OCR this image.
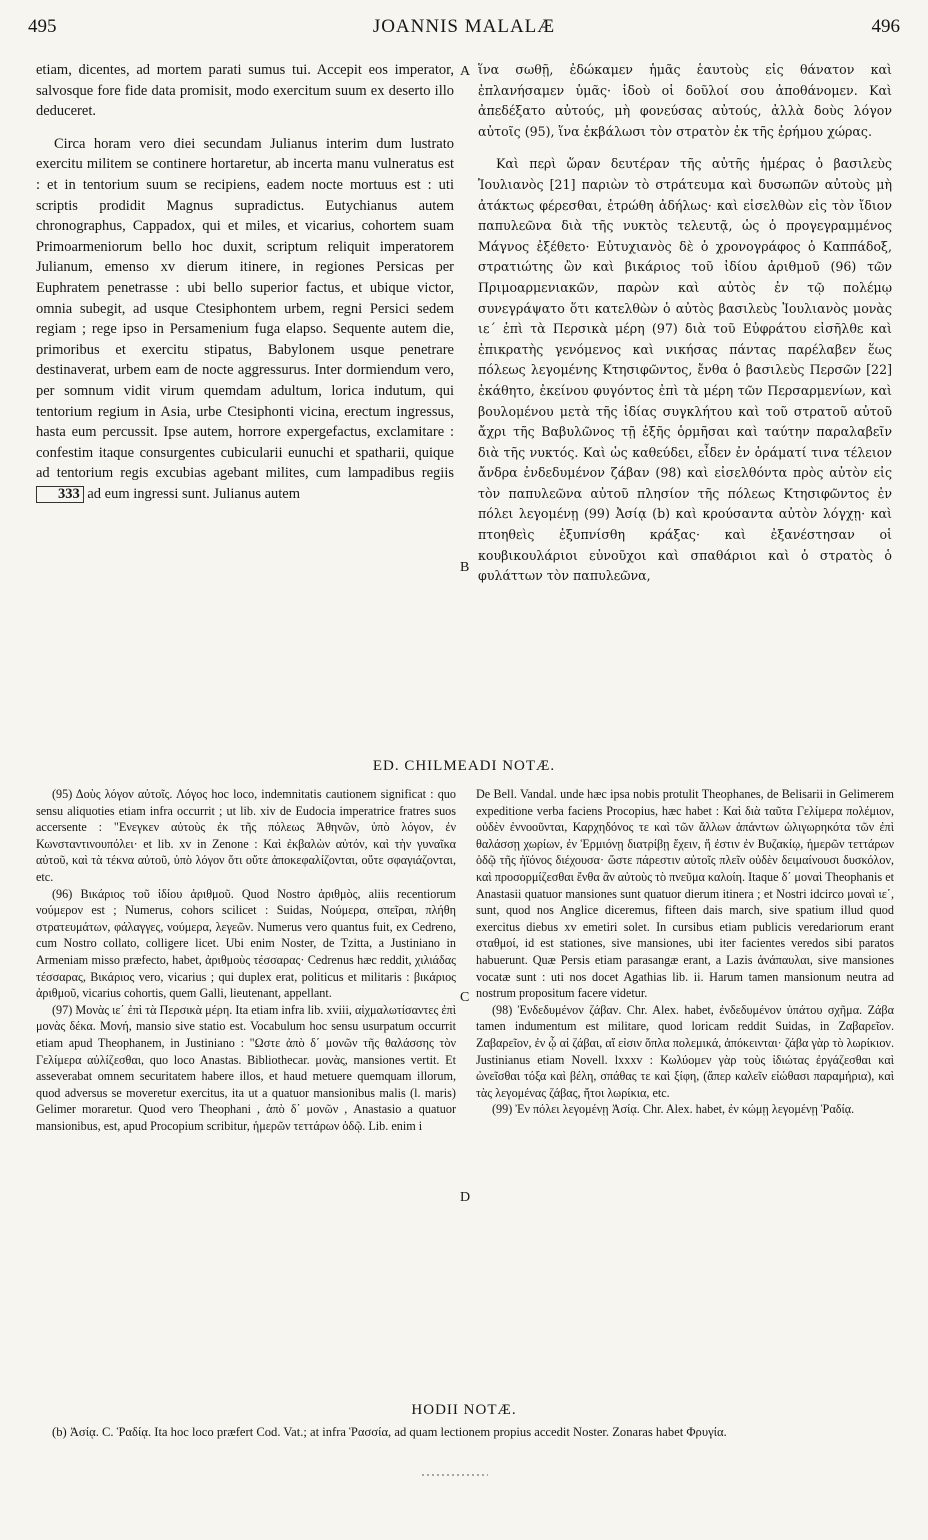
495	JOANNIS MALALÆ	496
A
B
C
D

etiam, dicentes, ad mortem parati sumus tui. Accepit eos imperator, salvosque fore fide data promisit, modo exercitum suum ex deserto illo deduceret.

Circa horam vero diei secundam Julianus interim dum lustrato exercitu militem se continere hortaretur, ab incerta manu vulneratus est : et in tentorium suum se recipiens, eadem nocte mortuus est : uti scriptis prodidit Magnus supradictus. Eutychianus autem chronographus, Cappadox, qui et miles, et vicarius, cohortem suam Primoarmeniorum bello hoc duxit, scriptum reliquit imperatorem Julianum, emenso xv dierum itinere, in regiones Persicas per Euphratem penetrasse : ubi bello superior factus, et ubique victor, omnia subegit, ad usque Ctesiphontem urbem, regni Persici sedem regiam ; rege ipso in Persamenium fuga elapso. Sequente autem die, primoribus et exercitu stipatus, Babylonem usque penetrare destinaverat, urbem eam de nocte aggressurus. Inter dormiendum vero, per somnum vidit virum quemdam adultum, lorica indutum, qui tentorium regium in Asia, urbe Ctesiphonti vicina, erectum ingressus, hasta eum percussit. Ipse autem, horrore expergefactus, exclamitare : confestim itaque consurgentes cubicularii eunuchi et spatharii, quique ad tentorium regis excubias agebant milites, cum lampadibus regiis 333 ad eum ingressi sunt. Julianus autem

ἵνα σωθῇ, ἐδώκαμεν ἡμᾶς ἑαυτοὺς εἰς θάνατον καὶ ἐπλανήσαμεν ὑμᾶς· ἰδοὺ οἱ δοῦλοί σου ἀποθάνομεν. Καὶ ἀπεδέξατο αὐτούς, μὴ φονεύσας αὐτούς, ἀλλὰ δοὺς λόγον αὐτοῖς (95), ἵνα ἐκβάλωσι τὸν στρατὸν ἐκ τῆς ἐρήμου χώρας.

Καὶ περὶ ὥραν δευτέραν τῆς αὐτῆς ἡμέρας ὁ βασιλεὺς Ἰουλιανὸς [21] παριὼν τὸ στράτευμα καὶ δυσωπῶν αὐτοὺς μὴ ἀτάκτως φέρεσθαι, ἐτρώθη ἀδήλως· καὶ εἰσελθὼν εἰς τὸν ἴδιον παπυλεῶνα διὰ τῆς νυκτὸς τελευτᾷ, ὡς ὁ προγεγραμμένος Μάγνος ἐξέθετο· Εὐτυχιανὸς δὲ ὁ χρονογράφος ὁ Καππάδοξ, στρατιώτης ὢν καὶ βικάριος τοῦ ἰδίου ἀριθμοῦ (96) τῶν Πριμοαρμενιακῶν, παρὼν καὶ αὐτὸς ἐν τῷ πολέμῳ συνεγράψατο ὅτι κατελθὼν ὁ αὐτὸς βασιλεὺς Ἰουλιανὸς μονὰς ιε΄ ἐπὶ τὰ Περσικὰ μέρη (97) διὰ τοῦ Εὐφράτου εἰσῆλθε καὶ ἐπικρατὴς γενόμενος καὶ νικήσας πάντας παρέλαβεν ἕως πόλεως λεγομένης Κτησιφῶντος, ἔνθα ὁ βασιλεὺς Περσῶν [22] ἐκάθητο, ἐκείνου φυγόντος ἐπὶ τὰ μέρη τῶν Περσαρμενίων, καὶ βουλομένου μετὰ τῆς ἰδίας συγκλήτου καὶ τοῦ στρατοῦ αὐτοῦ ἄχρι τῆς Βαβυλῶνος τῇ ἑξῆς ὁρμῆσαι καὶ ταύτην παραλαβεῖν διὰ τῆς νυκτός. Καὶ ὡς καθεύδει, εἶδεν ἐν ὁράματί τινα τέλειον ἄνδρα ἐνδεδυμένον ζάβαν (98) καὶ εἰσελθόντα πρὸς αὐτὸν εἰς τὸν παπυλεῶνα αὐτοῦ πλησίον τῆς πόλεως Κτησιφῶντος ἐν πόλει λεγομένῃ (99) Ἀσίᾳ (b) καὶ κρούσαντα αὐτὸν λόγχῃ· καὶ πτοηθεὶς ἐξυπνίσθη κράξας· καὶ ἐξανέστησαν οἱ κουβικουλάριοι εὐνοῦχοι καὶ σπαθάριοι καὶ ὁ στρατὸς ὁ φυλάττων τὸν παπυλεῶνα,

ED. CHILMEADI NOTÆ.

(95) Δοὺς λόγον αὐτοῖς. Λόγος hoc loco, indemnitatis cautionem significat : quo sensu aliquoties etiam infra occurrit ; ut lib. xiv de Eudocia imperatrice fratres suos accersente : "Ενεγκεν αὐτοὺς ἐκ τῆς πόλεως Ἀθηνῶν, ὑπὸ λόγον, ἐν Κωνσταντινουπόλει· et lib. xv in Zenone : Καὶ ἐκβαλὼν αὐτόν, καὶ τὴν γυναῖκα αὐτοῦ, καὶ τὰ τέκνα αὐτοῦ, ὑπὸ λόγον ὅτι οὔτε ἀποκεφαλίζονται, οὔτε σφαγιάζονται, etc.

(96) Βικάριος τοῦ ἰδίου ἀριθμοῦ. Quod Nostro ἀριθμὸς, aliis recentiorum νούμερον est ; Numerus, cohors scilicet : Suidas, Νούμερα, σπεῖραι, πλήθη στρατευμάτων, φάλαγγες, νούμερα, λεγεῶν. Numerus vero quantus fuit, ex Cedreno, cum Nostro collato, colligere licet. Ubi enim Noster, de Tzitta, a Justiniano in Armeniam misso præfecto, habet, ἀριθμοὺς τέσσαρας· Cedrenus hæc reddit, χιλιάδας τέσσαρας, Βικάριος vero, vicarius ; qui duplex erat, politicus et militaris : βικάριος ἀριθμοῦ, vicarius cohortis, quem Galli, lieutenant, appellant.

(97) Μονὰς ιε΄ ἐπὶ τὰ Περσικὰ μέρη. Ita etiam infra lib. xviii, αἰχμαλωτίσαντες ἐπὶ μονὰς δέκα. Μονή, mansio sive statio est. Vocabulum hoc sensu usurpatum occurrit etiam apud Theophanem, in Justiniano : "Ωστε ἀπὸ δ΄ μονῶν τῆς θαλάσσης τὸν Γελίμερα αὐλίζεσθαι, quo loco Anastas. Bibliothecar. μονὰς, mansiones vertit. Et asseverabat omnem securitatem habere illos, et haud metuere quemquam illorum, quod adversus se moveretur exercitus, ita ut a quatuor mansionibus malis (l. maris) Gelimer moraretur. Quod vero Theophani , ἀπὸ δ΄ μονῶν , Anastasio a quatuor mansionibus, est, apud Procopium scribitur, ἡμερῶν τεττάρων ὁδῷ. Lib. enim i

De Bell. Vandal. unde hæc ipsa nobis protulit Theophanes, de Belisarii in Gelimerem expeditione verba faciens Procopius, hæc habet : Καὶ διὰ ταῦτα Γελίμερα πολέμιον, οὐδὲν ἐννοοῦνται, Καρχηδόνος τε καὶ τῶν ἄλλων ἁπάντων ὡλιγωρηκότα τῶν ἐπὶ θαλάσσῃ χωρίων, ἐν Ἑρμιόνῃ διατρίβῃ ἔχειν, ἥ ἐστιν ἐν Βυζακίῳ, ἡμερῶν τεττάρων ὁδῷ τῆς ἠϊόνος διέχουσα· ὥστε πάρεστιν αὐτοῖς πλεῖν οὐδὲν δειμαίνουσι δυσκόλον, καὶ προσορμίζεσθαι ἔνθα ἂν αὐτοὺς τὸ πνεῦμα καλοίη. Itaque δ΄ μοναὶ Theophanis et Anastasii quatuor mansiones sunt quatuor dierum itinera ; et Nostri idcirco μοναὶ ιε΄, sunt, quod nos Anglice diceremus, fifteen dais march, sive spatium illud quod exercitus diebus xv emetiri solet. In cursibus etiam publicis veredariorum erant σταθμοί, id est stationes, sive mansiones, ubi iter facientes veredos sibi paratos habuerunt. Quæ Persis etiam parasangæ erant, a Lazis ἀνάπαυλαι, sive mansiones vocatæ sunt : uti nos docet Agathias lib. ii. Harum tamen mansionum neutra ad nostrum propositum facere videtur.

(98) Ἐνδεδυμένον ζάβαν. Chr. Alex. habet, ἐνδεδυμένον ὑπάτου σχῆμα. Ζάβα tamen indumentum est militare, quod loricam reddit Suidas, in Ζαβαρεῖον. Ζαβαρεῖον, ἐν ᾧ αἱ ζάβαι, αἵ εἰσιν ὅπλα πολεμικά, ἀπόκεινται· ζάβα γὰρ τὸ λωρίκιον. Justinianus etiam Novell. lxxxv : Κωλύομεν γὰρ τοὺς ἰδιώτας ἐργάζεσθαι καὶ ὠνεῖσθαι τόξα καὶ βέλη, σπάθας τε καὶ ξίφη, (ἅπερ καλεῖν εἰώθασι παραμήρια), καὶ τὰς λεγομένας ζάβας, ἤτοι λωρίκια, etc.

(99) Ἐν πόλει λεγομένῃ Ἀσίᾳ. Chr. Alex. habet, ἐν κώμῃ λεγομένῃ Ῥαδίᾳ.

HODII NOTÆ.

(b) Ἀσίᾳ. C. Ῥαδίᾳ. Ita hoc loco præfert Cod. Vat.; at infra Ῥασσία, ad quam lectionem propius accedit Noster. Zonaras habet Φρυγία.
